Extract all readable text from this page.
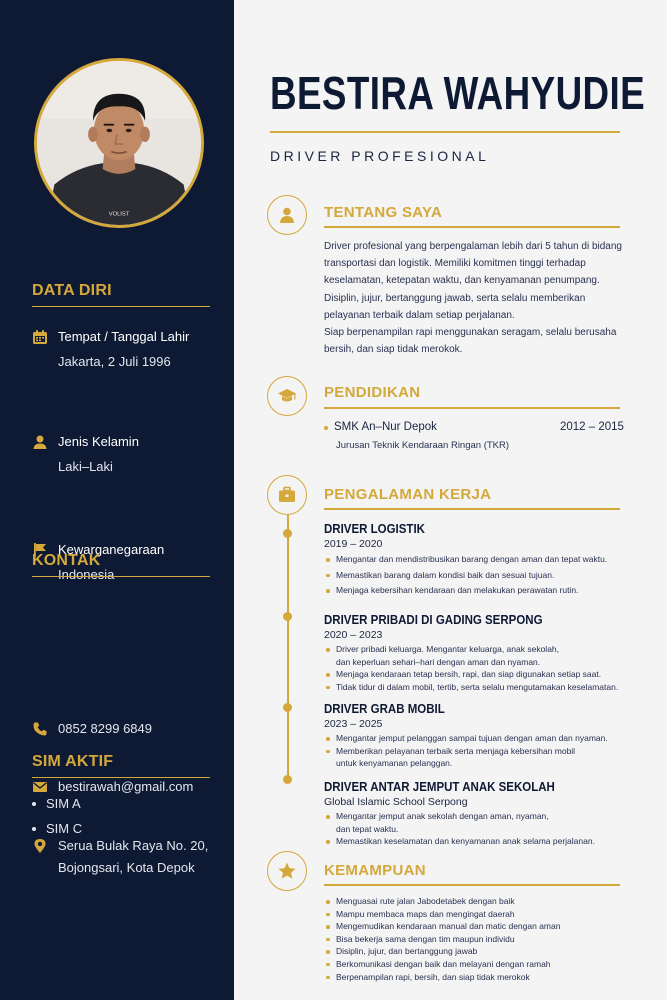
VOLIST
DATA DIRI
Tempat / Tanggal Lahir
Jakarta, 2 Juli 1996
Jenis Kelamin
Laki–Laki
Kewarganegaraan
Indonesia
KONTAK
0852 8299 6849
bestirawah@gmail.com
Serua Bulak Raya No. 20,
Bojongsari, Kota Depok
SIM AKTIF
SIM A
SIM C
BESTIRA WAHYUDIE
DRIVER PROFESIONAL
TENTANG SAYA
Driver profesional yang berpengalaman lebih dari 5 tahun di bidang
transportasi dan logistik. Memiliki komitmen tinggi terhadap
keselamatan, ketepatan waktu, dan kenyamanan penumpang.
Disiplin, jujur, bertanggung jawab, serta selalu memberikan
pelayanan terbaik dalam setiap perjalanan.
Siap berpenampilan rapi menggunakan seragam, selalu berusaha
bersih, dan siap tidak merokok.
PENDIDIKAN
SMK An–Nur Depok	2012 – 2015
Jurusan Teknik Kendaraan Ringan (TKR)
PENGALAMAN KERJA
DRIVER LOGISTIK
2019 – 2020
Mengantar dan mendistribusikan barang dengan aman dan tepat waktu.
Memastikan barang dalam kondisi baik dan sesuai tujuan.
Menjaga kebersihan kendaraan dan melakukan perawatan rutin.
DRIVER PRIBADI DI GADING SERPONG
2020 – 2023
Driver pribadi keluarga. Mengantar keluarga, anak sekolah,
dan keperluan sehari–hari dengan aman dan nyaman.
Menjaga kendaraan tetap bersih, rapi, dan siap digunakan setiap saat.
Tidak tidur di dalam mobil, tertib, serta selalu mengutamakan keselamatan.
DRIVER GRAB MOBIL
2023 – 2025
Mengantar jemput pelanggan sampai tujuan dengan aman dan nyaman.
Memberikan pelayanan terbaik serta menjaga kebersihan mobil
untuk kenyamanan pelanggan.
DRIVER ANTAR JEMPUT ANAK SEKOLAH
Global Islamic School Serpong
Mengantar jemput anak sekolah dengan aman, nyaman,
dan tepat waktu.
Memastikan keselamatan dan kenyamanan anak selama perjalanan.
KEMAMPUAN
Menguasai rute jalan Jabodetabek dengan baik
Mampu membaca maps dan mengingat daerah
Mengemudikan kendaraan manual dan matic dengan aman
Bisa bekerja sama dengan tim maupun individu
Disiplin, jujur, dan bertanggung jawab
Berkomunikasi dengan baik dan melayani dengan ramah
Berpenampilan rapi, bersih, dan siap tidak merokok
